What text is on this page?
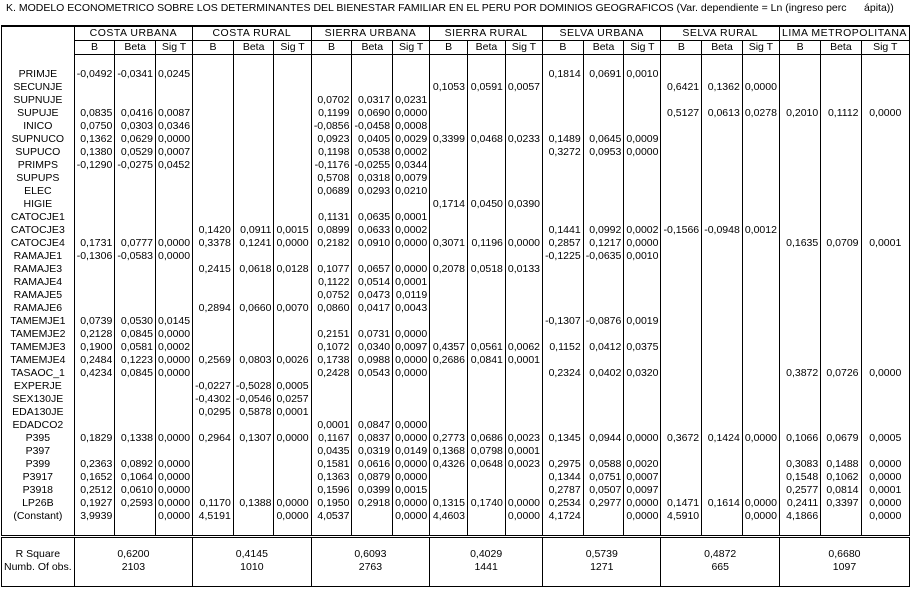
K. MODELO ECONOMETRICO SOBRE LOS DETERMINANTES DEL BIENESTAR FAMILIAR EN EL PERU POR DOMINIOS GEOGRAFICOS (Var. dependiente = Ln (ingreso perc      ápita))
	COSTA URBANA			COSTA RURAL			SIERRA URBANA			SIERRA RURAL			SELVA URBANA			SELVA RURAL			LIMA METROPOLITANA		
	B	Beta	Sig T	B	Beta	Sig T	B	Beta	Sig T	B	Beta	Sig T	B	Beta	Sig T	B	Beta	Sig T	B	Beta	Sig T

PRIMJE	-0,0492	-0,0341	0,0245										0,1814	0,0691	0,0010						
SECUNJE										0,1053	0,0591	0,0057				0,6421	0,1362	0,0000			
SUPNUJE							0,0702	0,0317	0,0231												
SUPUJE	0,0835	0,0416	0,0087				0,1199	0,0690	0,0000							0,5127	0,0613	0,0278	0,2010	0,1112	0,0000
INICO	0,0750	0,0303	0,0346				-0,0856	-0,0458	0,0008												
SUPNUCO	0,1362	0,0629	0,0000				0,0923	0,0405	0,0029	0,3399	0,0468	0,0233	0,1489	0,0645	0,0009						
SUPUCO	0,1380	0,0529	0,0007				0,1198	0,0538	0,0002				0,3272	0,0953	0,0000						
PRIMPS	-0,1290	-0,0275	0,0452				-0,1176	-0,0255	0,0344												
SUPUPS							0,5708	0,0318	0,0079												
ELEC							0,0689	0,0293	0,0210												
HIGIE										0,1714	0,0450	0,0390									
CATOCJE1							0,1131	0,0635	0,0001												
CATOCJE3				0,1420	0,0911	0,0015	0,0899	0,0633	0,0002				0,1441	0,0992	0,0002	-0,1566	-0,0948	0,0012			
CATOCJE4	0,1731	0,0777	0,0000	0,3378	0,1241	0,0000	0,2182	0,0910	0,0000	0,3071	0,1196	0,0000	0,2857	0,1217	0,0000				0,1635	0,0709	0,0001
RAMAJE1	-0,1306	-0,0583	0,0000										-0,1225	-0,0635	0,0010						
RAMAJE3				0,2415	0,0618	0,0128	0,1077	0,0657	0,0000	0,2078	0,0518	0,0133									
RAMAJE4							0,1122	0,0514	0,0001												
RAMAJE5							0,0752	0,0473	0,0119												
RAMAJE6				0,2894	0,0660	0,0070	0,0860	0,0417	0,0043												
TAMEMJE1	0,0739	0,0530	0,0145										-0,1307	-0,0876	0,0019						
TAMEMJE2	0,2128	0,0845	0,0000				0,2151	0,0731	0,0000												
TAMEMJE3	0,1900	0,0581	0,0002				0,1072	0,0340	0,0097	0,4357	0,0561	0,0062	0,1152	0,0412	0,0375						
TAMEMJE4	0,2484	0,1223	0,0000	0,2569	0,0803	0,0026	0,1738	0,0988	0,0000	0,2686	0,0841	0,0001									
TASAOC_1	0,4234	0,0845	0,0000				0,2428	0,0543	0,0000				0,2324	0,0402	0,0320				0,3872	0,0726	0,0000
EXPERJE				-0,0227	-0,5028	0,0005															
SEX130JE				-0,4302	-0,0546	0,0257															
EDA130JE				0,0295	0,5878	0,0001															
EDADCO2							0,0001	0,0847	0,0000												
P395	0,1829	0,1338	0,0000	0,2964	0,1307	0,0000	0,1167	0,0837	0,0000	0,2773	0,0686	0,0023	0,1345	0,0944	0,0000	0,3672	0,1424	0,0000	0,1066	0,0679	0,0005
P397							0,0435	0,0319	0,0149	0,1368	0,0798	0,0001									
P399	0,2363	0,0892	0,0000				0,1581	0,0616	0,0000	0,4326	0,0648	0,0023	0,2975	0,0588	0,0020				0,3083	0,1488	0,0000
P3917	0,1652	0,1064	0,0000				0,1363	0,0879	0,0000				0,1344	0,0751	0,0007				0,1548	0,1062	0,0000
P3918	0,2512	0,0610	0,0000				0,1596	0,0399	0,0015				0,2787	0,0507	0,0097				0,2577	0,0814	0,0001
LP26B	0,1927	0,2593	0,0000	0,1170	0,1388	0,0000	0,1950	0,2918	0,0000	0,1315	0,1740	0,0000	0,2534	0,2977	0,0000	0,1471	0,1614	0,0000	0,2411	0,3397	0,0000
(Constant)	3,9939		0,0000	4,5191		0,0000	4,0537		0,0000	4,4603		0,0000	4,1724		0,0000	4,5910		0,0000	4,1866		0,0000

R Square	0,6200			0,4145			0,6093			0,4029			0,5739			0,4872			0,6680		
Numb. Of obs.	2103			1010			2763			1441			1271			665			1097		
